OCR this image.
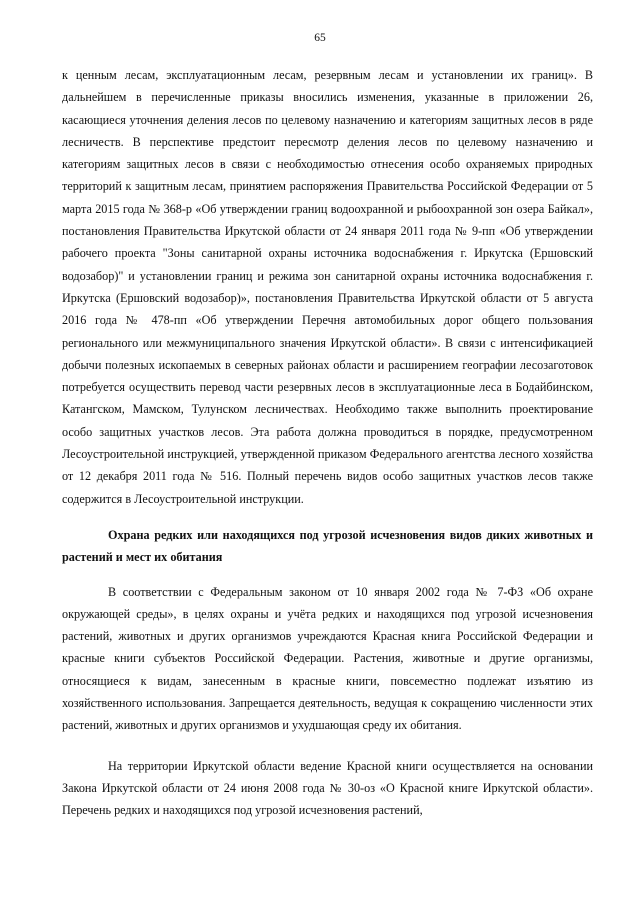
65

к ценным лесам, эксплуатационным лесам, резервным лесам и установлении их границ». В дальнейшем в перечисленные приказы вносились изменения, указанные в приложении 26, касающиеся уточнения деления лесов по целевому назначению и категориям защитных лесов в ряде лесничеств. В перспективе предстоит пересмотр деления лесов по целевому назначению и категориям защитных лесов в связи с необходимостью отнесения особо охраняемых природных территорий к защитным лесам, принятием распоряжения Правительства Российской Федерации от 5 марта 2015 года № 368-р «Об утверждении границ водоохранной и рыбоохранной зон озера Байкал», постановления Правительства Иркутской области от 24 января 2011 года № 9-пп «Об утверждении рабочего проекта "Зоны санитарной охраны источника водоснабжения г. Иркутска (Ершовский водозабор)" и установлении границ и режима зон санитарной охраны источника водоснабжения г. Иркутска (Ершовский водозабор)», постановления Правительства Иркутской области от 5 августа 2016 года № 478-пп «Об утверждении Перечня автомобильных дорог общего пользования регионального или межмуниципального значения Иркутской области». В связи с интенсификацией добычи полезных ископаемых в северных районах области и расширением географии лесозаготовок потребуется осуществить перевод части резервных лесов в эксплуатационные леса в Бодайбинском, Катангском, Мамском, Тулунском лесничествах. Необходимо также выполнить проектирование особо защитных участков лесов. Эта работа должна проводиться в порядке, предусмотренном Лесоустроительной инструкцией, утвержденной приказом Федерального агентства лесного хозяйства от 12 декабря 2011 года № 516. Полный перечень видов особо защитных участков лесов также содержится в Лесоустроительной инструкции.

Охрана редких или находящихся под угрозой исчезновения видов диких животных и растений и мест их обитания

В соответствии с Федеральным законом от 10 января 2002 года № 7-ФЗ «Об охране окружающей среды», в целях охраны и учёта редких и находящихся под угрозой исчезновения растений, животных и других организмов учреждаются Красная книга Российской Федерации и красные книги субъектов Российской Федерации. Растения, животные и другие организмы, относящиеся к видам, занесенным в красные книги, повсеместно подлежат изъятию из хозяйственного использования. Запрещается деятельность, ведущая к сокращению численности этих растений, животных и других организмов и ухудшающая среду их обитания.

На территории Иркутской области ведение Красной книги осуществляется на основании Закона Иркутской области от 24 июня 2008 года № 30-оз «О Красной книге Иркутской области». Перечень редких и находящихся под угрозой исчезновения растений,
